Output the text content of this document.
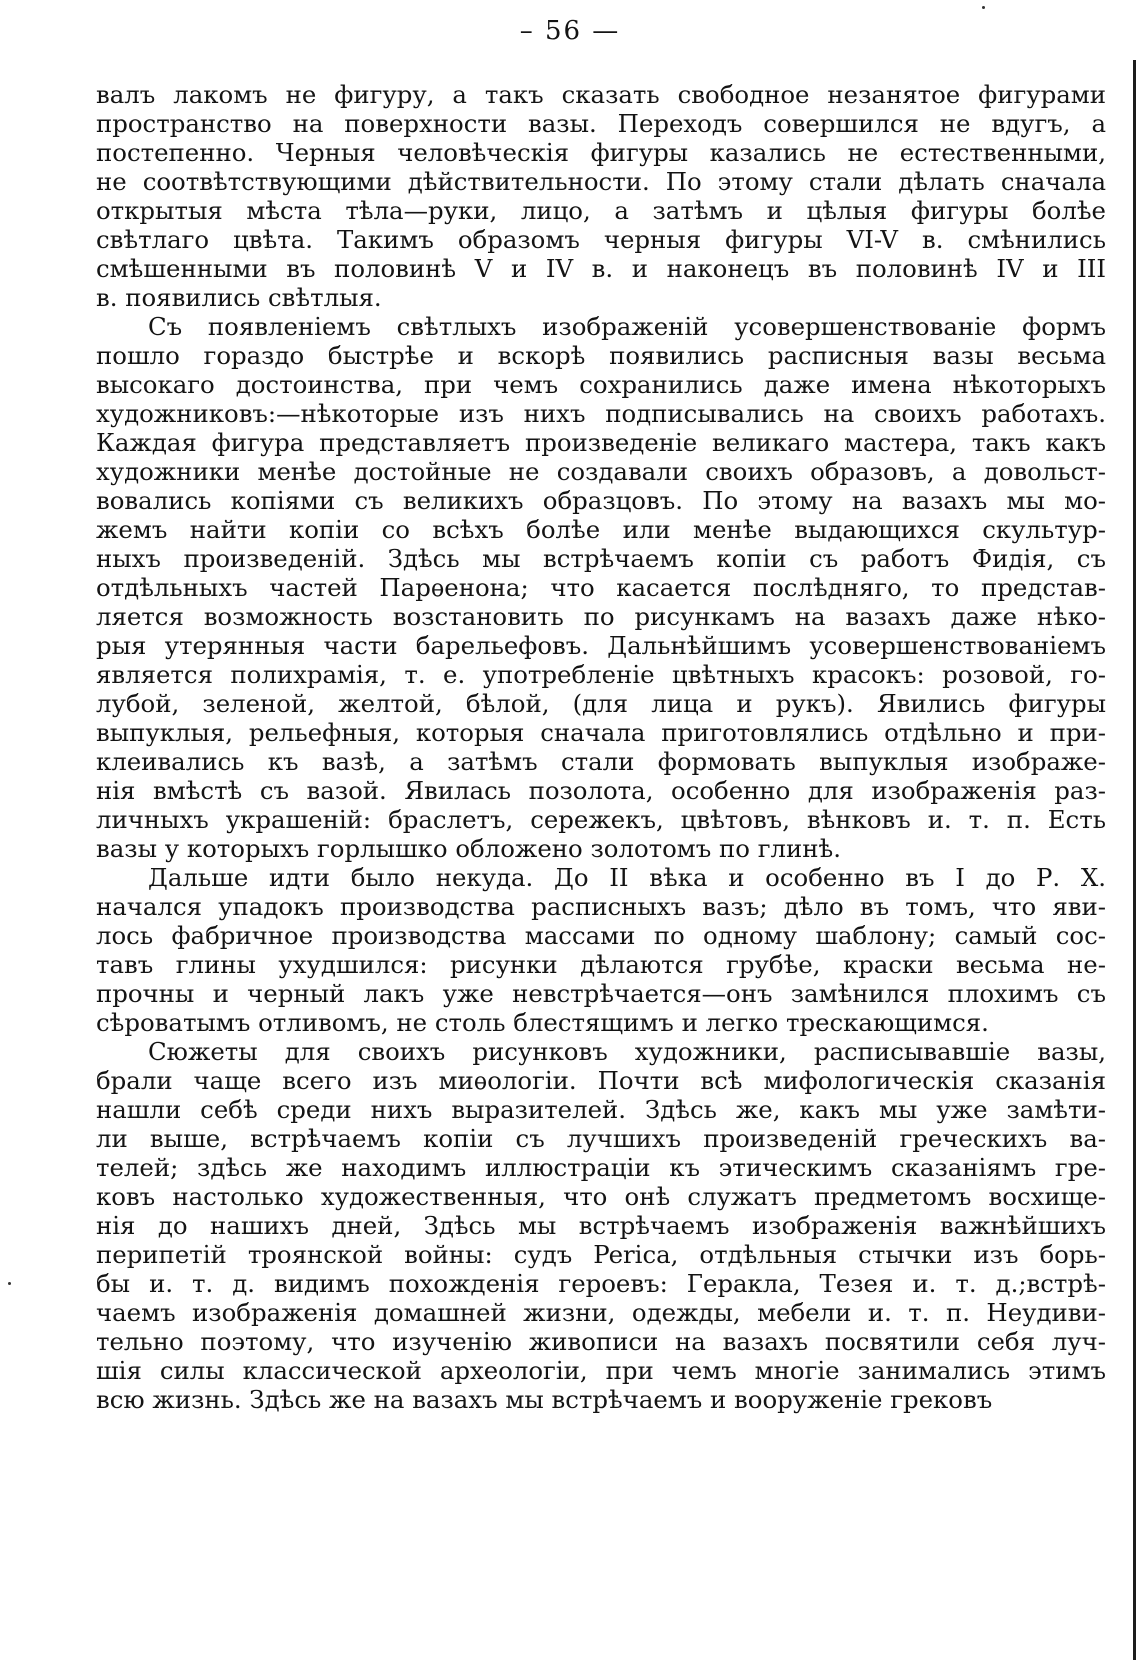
– 56 —

валъ лакомъ не фигуру, а такъ сказать свободное незанятое фигурами
пространство на поверхности вазы. Переходъ совершился не вдугъ, а
постепенно. Черныя человѣческія фигуры казались не естественными,
не соотвѣтствующими дѣйствительности. По этому стали дѣлать сначала
открытыя мѣста тѣла—руки, лицо, а затѣмъ и цѣлыя фигуры болѣе
свѣтлаго цвѣта. Такимъ образомъ черныя фигуры VI-V в. смѣнились
смѣшенными въ половинѣ V и IV в. и наконецъ въ половинѣ IV и III
в. появились свѣтлыя.

Съ появленіемъ свѣтлыхъ изображеній усовершенствованіе формъ
пошло гораздо быстрѣе и вскорѣ появились расписныя вазы весьма
высокаго достоинства, при чемъ сохранились даже имена нѣкоторыхъ
художниковъ:—нѣкоторые изъ нихъ подписывались на своихъ работахъ.
Каждая фигура представляетъ произведеніе великаго мастера, такъ какъ
художники менѣе достойные не создавали своихъ образовъ, а довольст-
вовались копіями съ великихъ образцовъ. По этому на вазахъ мы мо-
жемъ найти копіи со всѣхъ болѣе или менѣе выдающихся скультур-
ныхъ произведеній. Здѣсь мы встрѣчаемъ копіи съ работъ Фидія, съ
отдѣльныхъ частей Парѳенона; что касается послѣдняго, то представ-
ляется возможность возстановить по рисункамъ на вазахъ даже нѣко-
рыя утерянныя части барельефовъ. Дальнѣйшимъ усовершенствованіемъ
является полихрамія, т. е. употребленіе цвѣтныхъ красокъ: розовой, го-
лубой, зеленой, желтой, бѣлой, (для лица и рукъ). Явились фигуры
выпуклыя, рельефныя, которыя сначала приготовлялись отдѣльно и при-
клеивались къ вазѣ, а затѣмъ стали формовать выпуклыя изображе-
нія вмѣстѣ съ вазой. Явилась позолота, особенно для изображенія раз-
личныхъ украшеній: браслетъ, сережекъ, цвѣтовъ, вѣнковъ и. т. п. Есть
вазы у которыхъ горлышко обложено золотомъ по глинѣ.

Дальше идти было некуда. До II вѣка и особенно въ I до Р. Х.
начался упадокъ производства расписныхъ вазъ; дѣло въ томъ, что яви-
лось фабричное производства массами по одному шаблону; самый сос-
тавъ глины ухудшился: рисунки дѣлаются грубѣе, краски весьма не-
прочны и черный лакъ уже невстрѣчается—онъ замѣнился плохимъ съ
сѣроватымъ отливомъ, не столь блестящимъ и легко трескающимся.

Сюжеты для своихъ рисунковъ художники, расписывавшіе вазы,
брали чаще всего изъ миѳологіи. Почти всѣ мифологическія сказанія
нашли себѣ среди нихъ выразителей. Здѣсь же, какъ мы уже замѣти-
ли выше, встрѣчаемъ копіи съ лучшихъ произведеній греческихъ ва-
телей; здѣсь же находимъ иллюстраціи къ этическимъ сказаніямъ гре-
ковъ настолько художественныя, что онѣ служатъ предметомъ восхище-
нія до нашихъ дней, Здѣсь мы встрѣчаемъ изображенія важнѣйшихъ
перипетій троянской войны: судъ Periса, отдѣльныя стычки изъ борь-
бы и. т. д. видимъ похожденія героевъ: Геракла, Тезея и. т. д.;встрѣ-
чаемъ изображенія домашней жизни, одежды, мебели и. т. п. Неудиви-
тельно поэтому, что изученію живописи на вазахъ посвятили себя луч-
шія силы классической археологіи, при чемъ многіе занимались этимъ
всю жизнь. Здѣсь же на вазахъ мы встрѣчаемъ и вооруженіе грековъ
